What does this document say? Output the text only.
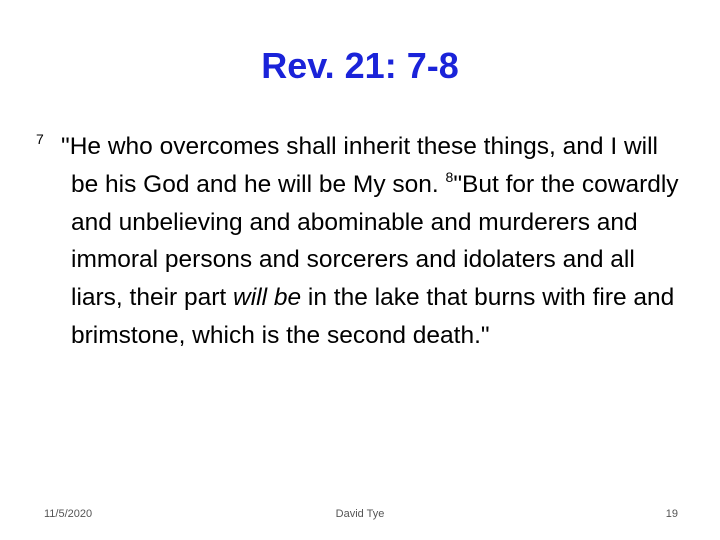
Rev. 21: 7-8

7 "He who overcomes shall inherit these things, and I will be his God and he will be My son. $^8$"But for the cowardly and unbelieving and abominable and murderers and immoral persons and sorcerers and idolaters and all liars, their part will be in the lake that burns with fire and brimstone, which is the second death."

David Tye
11/5/2020	19
